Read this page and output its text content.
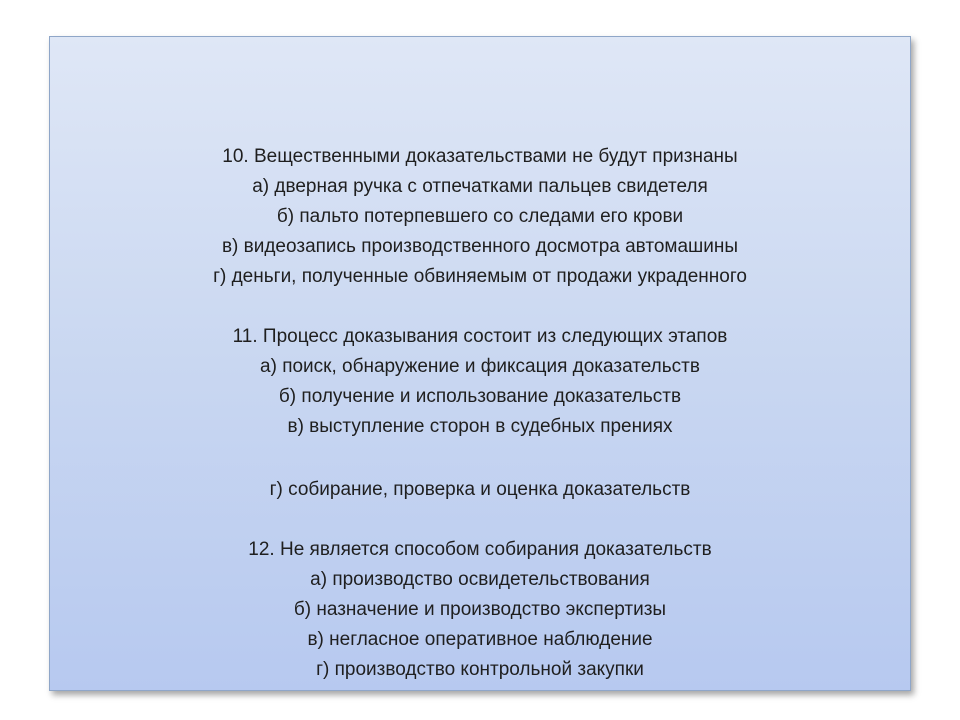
10. Вещественными доказательствами не будут признаны
а) дверная ручка с отпечатками пальцев свидетеля
б) пальто потерпевшего со следами его крови
в) видеозапись производственного досмотра автомашины
г) деньги, полученные обвиняемым от продажи украденного
11. Процесс доказывания состоит из следующих этапов
а) поиск, обнаружение и фиксация доказательств
б) получение и использование доказательств
в) выступление сторон в судебных прениях
г) собирание, проверка и оценка доказательств
12. Не является способом собирания доказательств
а) производство освидетельствования
б) назначение и производство экспертизы
в) негласное оперативное наблюдение
г) производство контрольной закупки
